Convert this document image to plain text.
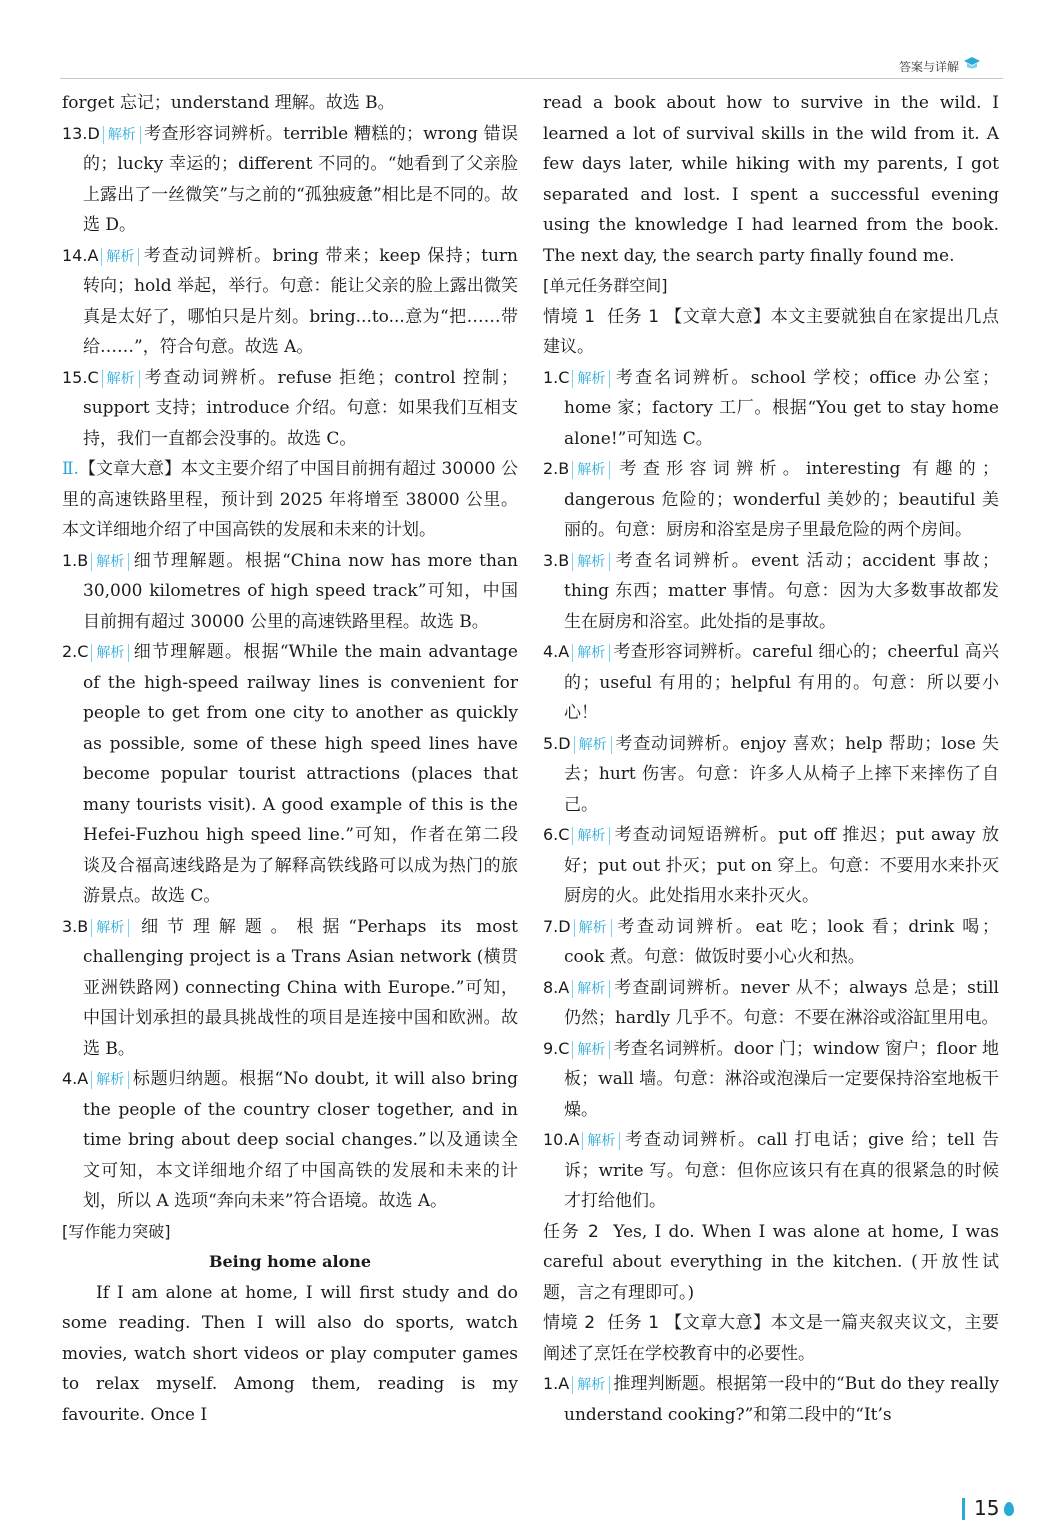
答案与详解

forget 忘记；understand 理解。故选 B。

13.D 解析 考查形容词辨析。terrible 糟糕的；wrong 错误的；lucky 幸运的；different 不同的。“她看到了父亲脸上露出了一丝微笑”与之前的“孤独疲惫”相比是不同的。故选 D。

14.A 解析 考查动词辨析。bring 带来；keep 保持；turn 转向；hold 举起，举行。句意：能让父亲的脸上露出微笑真是太好了，哪怕只是片刻。bring...to...意为“把……带给……”，符合句意。故选 A。

15.C 解析 考查动词辨析。refuse 拒绝；control 控制；support 支持；introduce 介绍。句意：如果我们互相支持，我们一直都会没事的。故选 C。

Ⅱ.【文章大意】本文主要介绍了中国目前拥有超过 30000 公里的高速铁路里程，预计到 2025 年将增至 38000 公里。本文详细地介绍了中国高铁的发展和未来的计划。

1.B 解析 细节理解题。根据“China now has more than 30,000 kilometres of high speed track”可知，中国目前拥有超过 30000 公里的高速铁路里程。故选 B。

2.C 解析 细节理解题。根据“While the main advantage of the high-speed railway lines is convenient for people to get from one city to another as quickly as possible, some of these high speed lines have become popular tourist attractions (places that many tourists visit). A good example of this is the Hefei-Fuzhou high speed line.”可知，作者在第二段谈及合福高速线路是为了解释高铁线路可以成为热门的旅游景点。故选 C。

3.B 解析 细节理解题。根据“Perhaps its most challenging project is a Trans Asian network (横贯亚洲铁路网) connecting China with Europe.”可知，中国计划承担的最具挑战性的项目是连接中国和欧洲。故选 B。

4.A 解析 标题归纳题。根据“No doubt, it will also bring the people of the country closer together, and in time bring about deep social changes.”以及通读全文可知，本文详细地介绍了中国高铁的发展和未来的计划，所以 A 选项“奔向未来”符合语境。故选 A。

[写作能力突破]

Being home alone

If I am alone at home, I will first study and do some reading. Then I will also do sports, watch movies, watch short videos or play computer games to relax myself. Among them, reading is my favourite. Once I

read a book about how to survive in the wild. I learned a lot of survival skills in the wild from it. A few days later, while hiking with my parents, I got separated and lost. I spent a successful evening using the knowledge I had learned from the book. The next day, the search party finally found me.

[单元任务群空间]

情境 1 任务 1 【文章大意】本文主要就独自在家提出几点建议。

1.C 解析 考查名词辨析。school 学校；office 办公室；home 家；factory 工厂。根据“You get to stay home alone!”可知选 C。

2.B 解析 考查形容词辨析。interesting 有趣的；dangerous 危险的；wonderful 美妙的；beautiful 美丽的。句意：厨房和浴室是房子里最危险的两个房间。

3.B 解析 考查名词辨析。event 活动；accident 事故；thing 东西；matter 事情。句意：因为大多数事故都发生在厨房和浴室。此处指的是事故。

4.A 解析 考查形容词辨析。careful 细心的；cheerful 高兴的；useful 有用的；helpful 有用的。句意：所以要小心！

5.D 解析 考查动词辨析。enjoy 喜欢；help 帮助；lose 失去；hurt 伤害。句意：许多人从椅子上摔下来摔伤了自己。

6.C 解析 考查动词短语辨析。put off 推迟；put away 放好；put out 扑灭；put on 穿上。句意：不要用水来扑灭厨房的火。此处指用水来扑灭火。

7.D 解析 考查动词辨析。eat 吃；look 看；drink 喝；cook 煮。句意：做饭时要小心火和热。

8.A 解析 考查副词辨析。never 从不；always 总是；still 仍然；hardly 几乎不。句意：不要在淋浴或浴缸里用电。

9.C 解析 考查名词辨析。door 门；window 窗户；floor 地板；wall 墙。句意：淋浴或泡澡后一定要保持浴室地板干燥。

10.A 解析 考查动词辨析。call 打电话；give 给；tell 告诉；write 写。句意：但你应该只有在真的很紧急的时候才打给他们。

任务 2 Yes, I do. When I was alone at home, I was careful about everything in the kitchen. (开放性试题，言之有理即可。)

情境 2 任务 1 【文章大意】本文是一篇夹叙夹议文，主要阐述了烹饪在学校教育中的必要性。

1.A 解析 推理判断题。根据第一段中的“But do they really understand cooking?”和第二段中的“It’s

15
